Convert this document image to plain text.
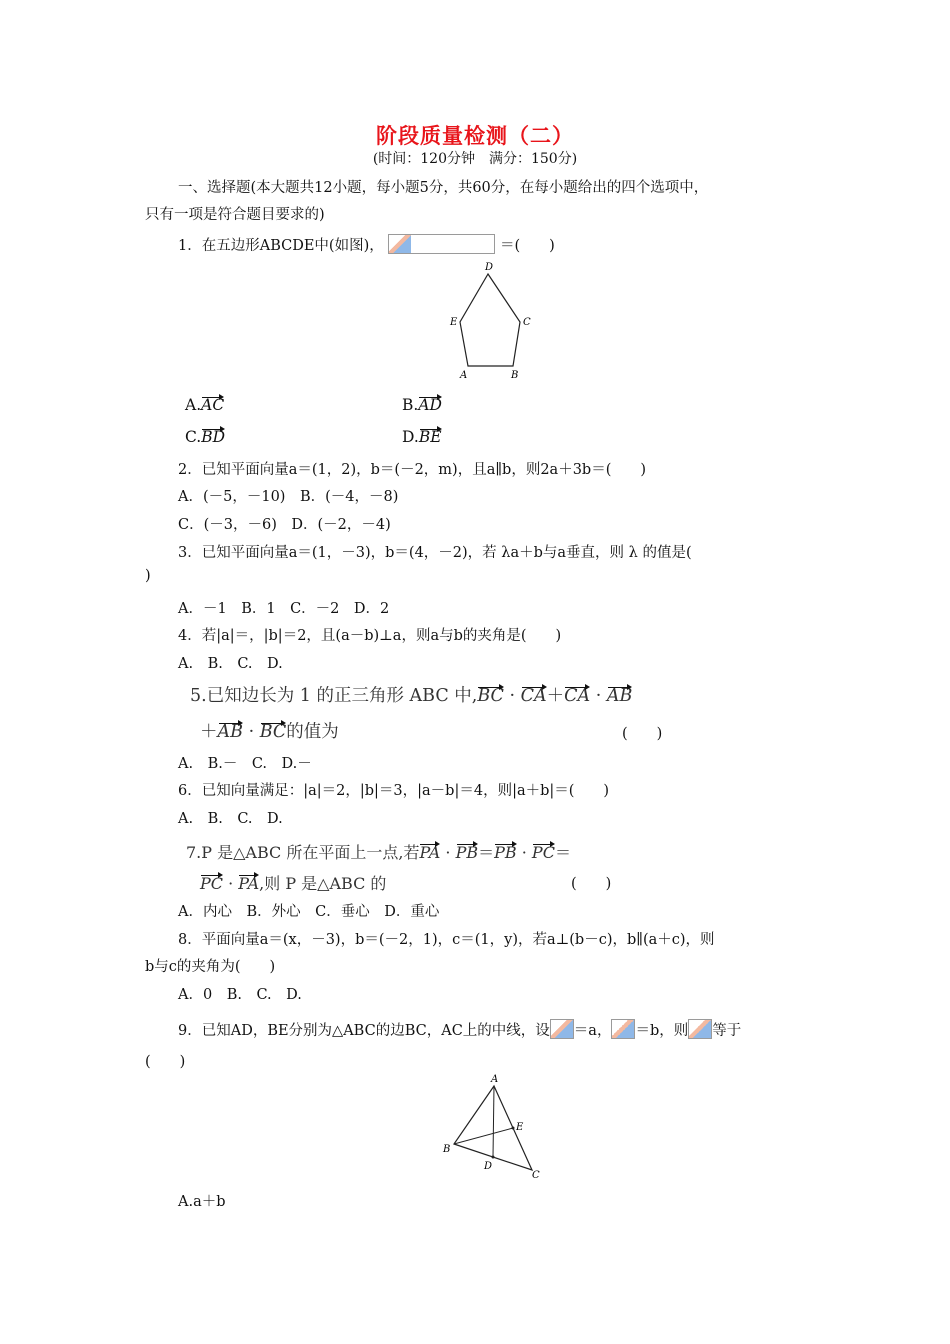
阶段质量检测（二）
(时间：120分钟　满分：150分)
一、选择题(本大题共12小题，每小题5分，共60分，在每小题给出的四个选项中，
只有一项是符合题目要求的)
1．在五边形ABCDE中(如图)，	＝(　　)
D
E	C
A	B
A.AC	B.AD
C.BD	D.BE
2．已知平面向量a＝(1，2)，b＝(－2，m)，且a∥b，则2a＋3b＝(　　)
A．(－5，－10)　B．(－4，－8)
C．(－3，－6)　D．(－2，－4)
3．已知平面向量a＝(1，－3)，b＝(4，－2)，若 λa＋b与a垂直，则 λ 的值是(
)
A．－1　B．1　C．－2　D．2
4．若|a|＝，|b|＝2，且(a－b)⊥a，则a与b的夹角是(　　)
A.　B.　C.　D.
5.已知边长为 1 的正三角形 ABC 中,BC · CA＋CA · AB
＋AB · BC的值为	(　　)
A.　B.－　C.　D.－
6．已知向量满足：|a|＝2，|b|＝3，|a－b|＝4，则|a＋b|＝(　　)
A.　B.　C.　D.
7.P 是△ABC 所在平面上一点,若PA · PB＝PB · PC＝
PC · PA,则 P 是△ABC 的	(　　)
A．内心　B．外心　C．垂心　D．重心
8．平面向量a＝(x，－3)，b＝(－2，1)，c＝(1，y)，若a⊥(b－c)，b∥(a＋c)，则
b与c的夹角为(　　)
A．0　B.　C.　D.
9．已知AD，BE分别为△ABC的边BC，AC上的中线，设 ＝a， ＝b，则 等于
(　　)
A
E
B
D
C
A.a＋b
